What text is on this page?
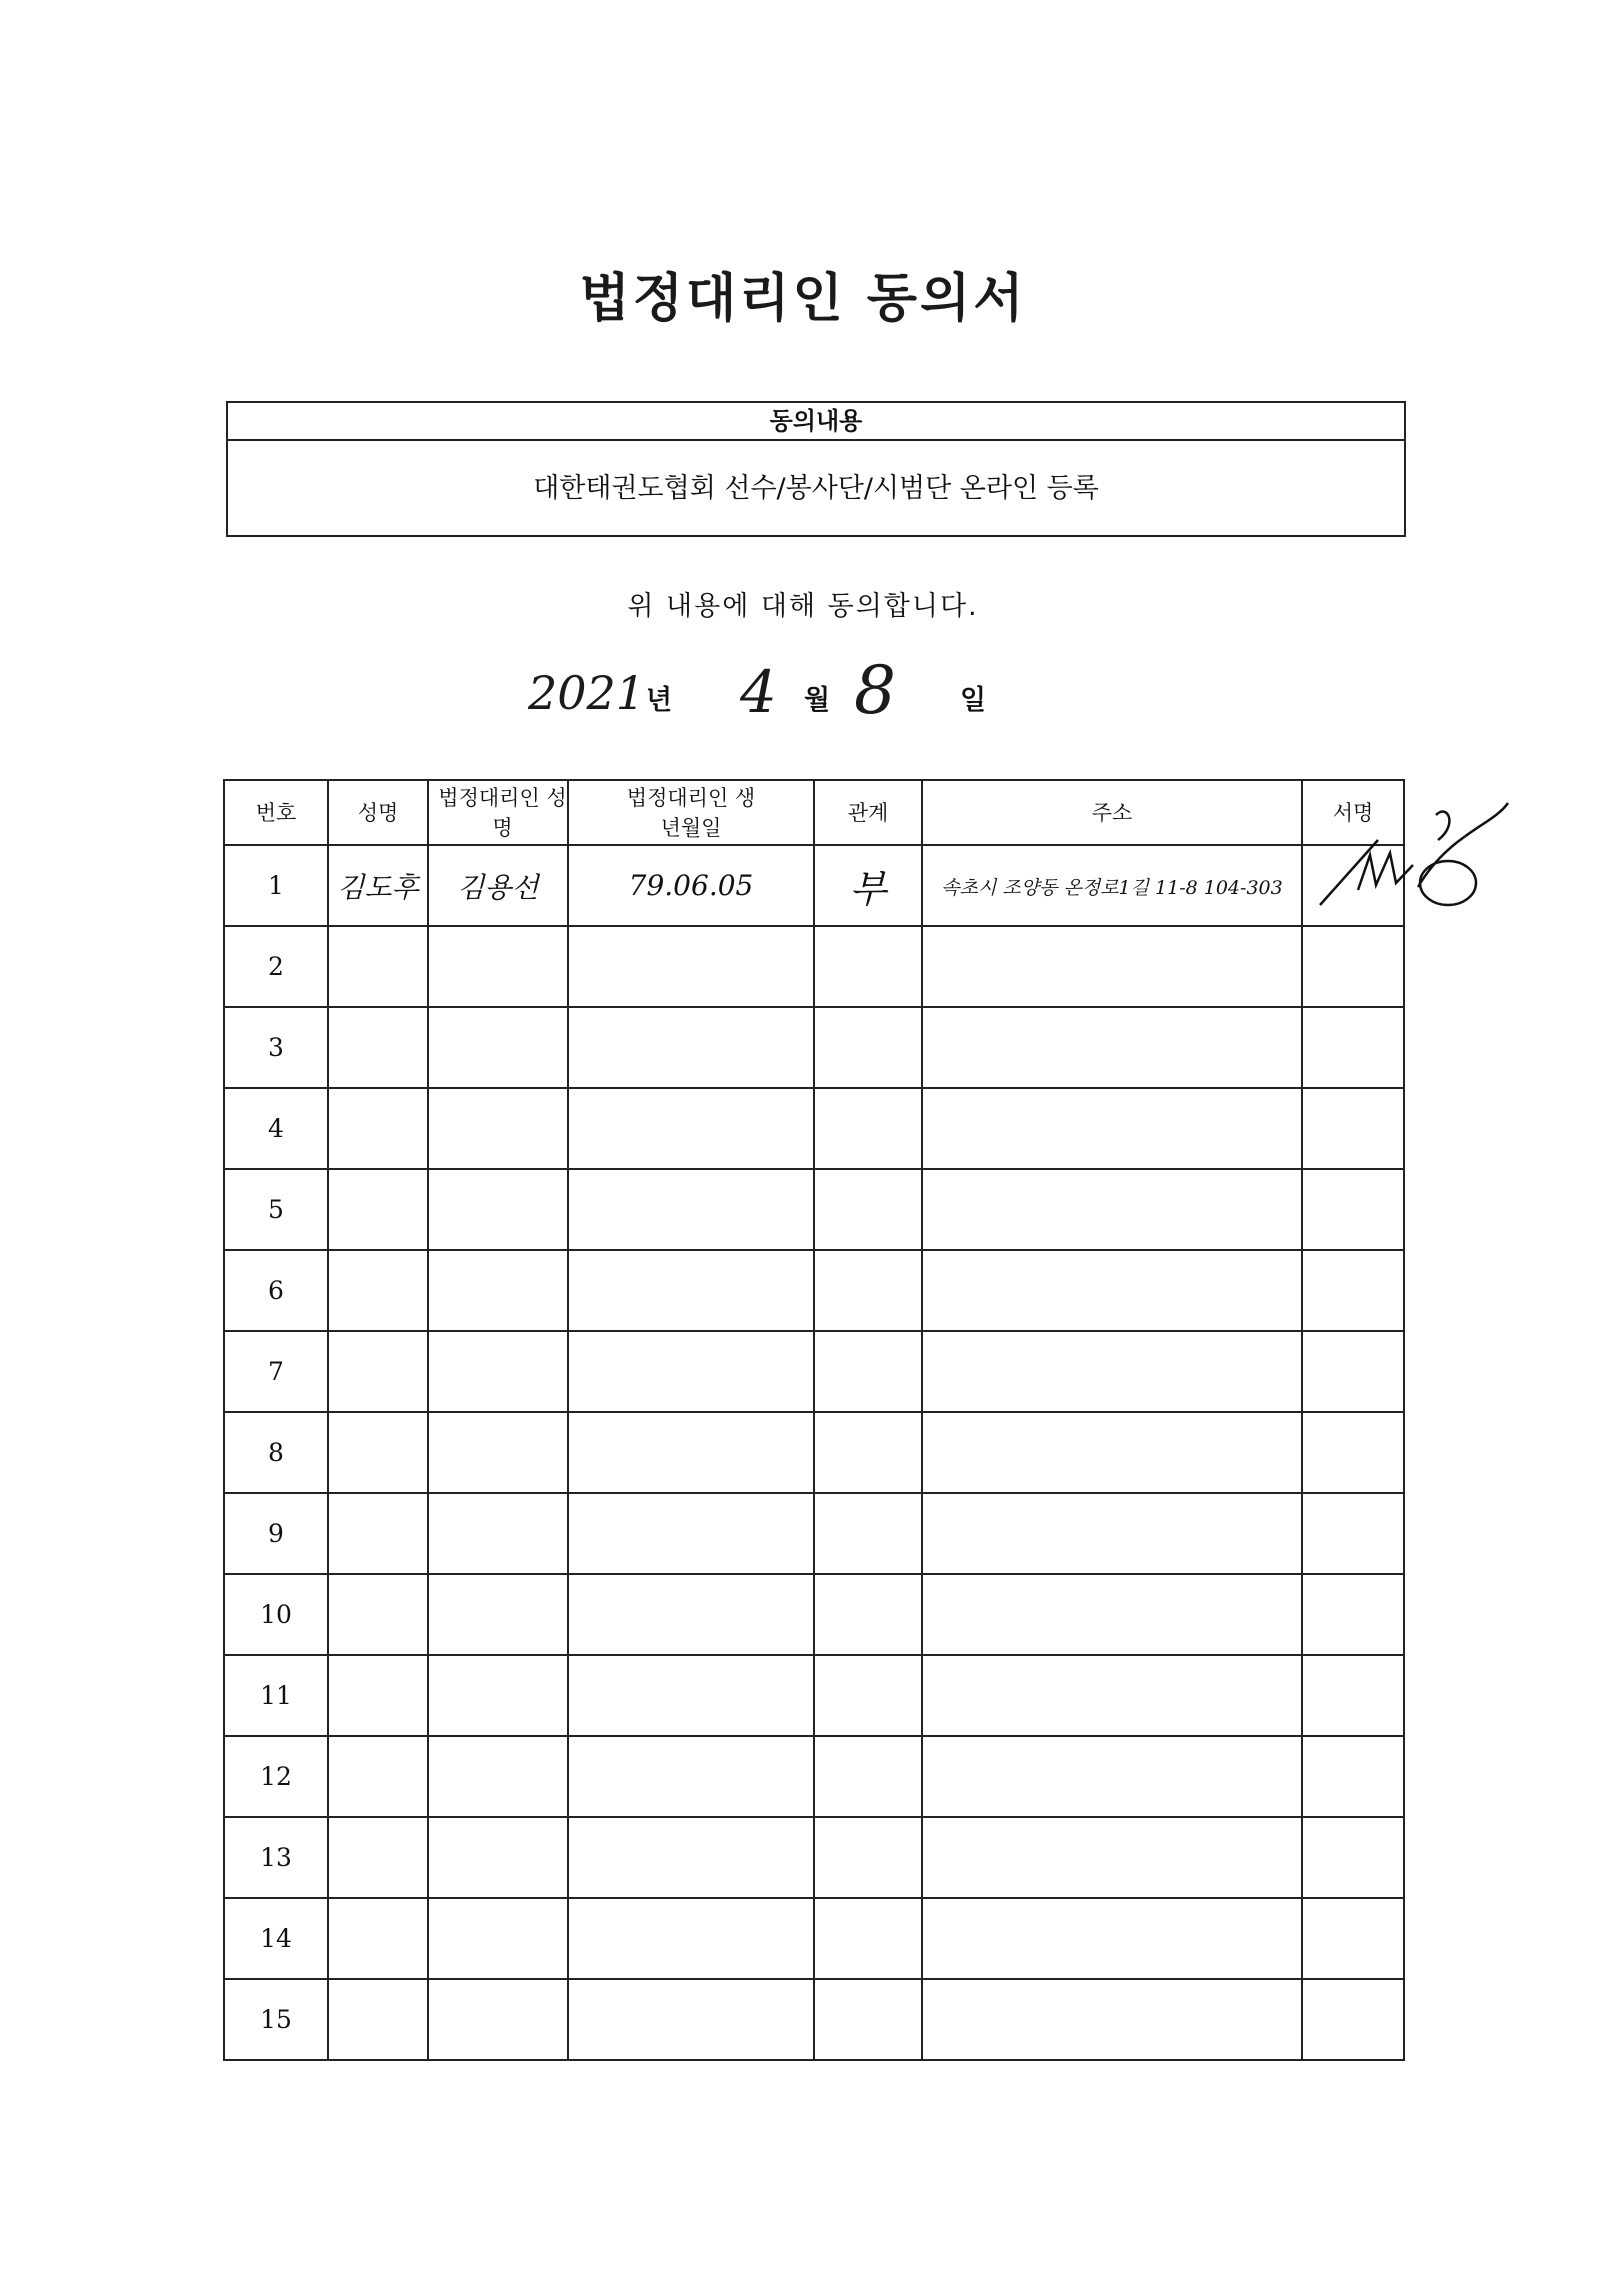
법정대리인 동의서
동의내용
대한태권도협회 선수/봉사단/시범단 온라인 등록
위 내용에 대해 동의합니다.
2021 년 4 월 8 일
번호	성명	법정대리인 성명	법정대리인 생년월일	관계	주소	서명
1	김도후	김용선	79.06.05	부	속초시 조양동 온정로1길 11-8 104-303	
2						
3						
4						
5						
6						
7						
8						
9						
10						
11						
12						
13						
14						
15						
